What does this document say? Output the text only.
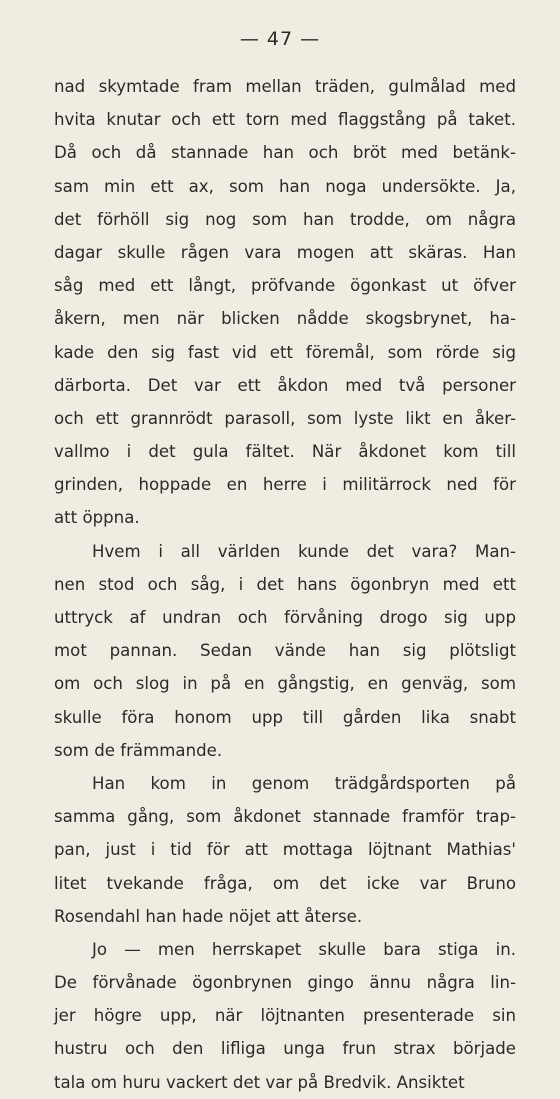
— 47 —
nad skymtade fram mellan träden, gulmålad med
hvita knutar och ett torn med flaggstång på taket.
Då och då stannade han och bröt med betänk-
sam min ett ax, som han noga undersökte. Ja,
det förhöll sig nog som han trodde, om några
dagar skulle rågen vara mogen att skäras. Han
såg med ett långt, pröfvande ögonkast ut öfver
åkern, men när blicken nådde skogsbrynet, ha-
kade den sig fast vid ett föremål, som rörde sig
därborta. Det var ett åkdon med två personer
och ett grannrödt parasoll, som lyste likt en åker-
vallmo i det gula fältet. När åkdonet kom till
grinden, hoppade en herre i militärrock ned för
att öppna.
Hvem i all världen kunde det vara? Man-
nen stod och såg, i det hans ögonbryn med ett
uttryck af undran och förvåning drogo sig upp
mot pannan. Sedan vände han sig plötsligt
om och slog in på en gångstig, en genväg, som
skulle föra honom upp till gården lika snabt
som de främmande.
Han kom in genom trädgårdsporten på
samma gång, som åkdonet stannade framför trap-
pan, just i tid för att mottaga löjtnant Mathias'
litet tvekande fråga, om det icke var Bruno
Rosendahl han hade nöjet att återse.
Jo — men herrskapet skulle bara stiga in.
De förvånade ögonbrynen gingo ännu några lin-
jer högre upp, när löjtnanten presenterade sin
hustru och den lifliga unga frun strax började
tala om huru vackert det var på Bredvik. Ansiktet
